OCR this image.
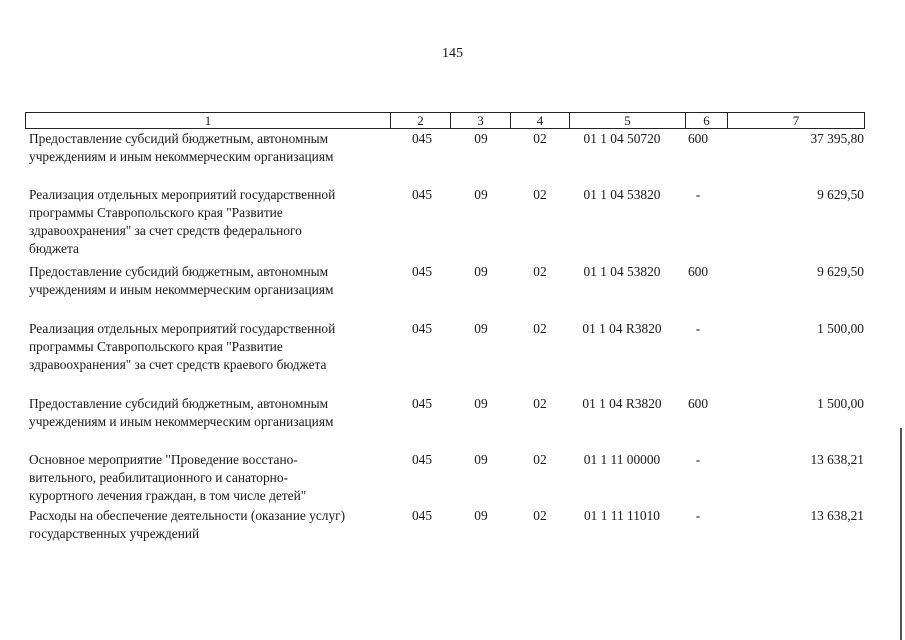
145
1	2	3	4	5	6	7
Предоставление субсидий бюджетным, автономным
учреждениям и иным некоммерческим организациям
045	09	02	01 1 04 50720	600	37 395,80
Реализация отдельных мероприятий государственной
программы Ставропольского края "Развитие
здравоохранения" за счет средств федерального
бюджета
045	09	02	01 1 04 53820	-	9 629,50
Предоставление субсидий бюджетным, автономным
учреждениям и иным некоммерческим организациям
045	09	02	01 1 04 53820	600	9 629,50
Реализация отдельных мероприятий государственной
программы Ставропольского края "Развитие
здравоохранения" за счет средств краевого бюджета
045	09	02	01 1 04 R3820	-	1 500,00
Предоставление субсидий бюджетным, автономным
учреждениям и иным некоммерческим организациям
045	09	02	01 1 04 R3820	600	1 500,00
Основное мероприятие "Проведение восстано-
вительного, реабилитационного и санаторно-
курортного лечения граждан, в том числе детей"
045	09	02	01 1 11 00000	-	13 638,21
Расходы на обеспечение деятельности (оказание услуг)
государственных учреждений
045	09	02	01 1 11 11010	-	13 638,21
